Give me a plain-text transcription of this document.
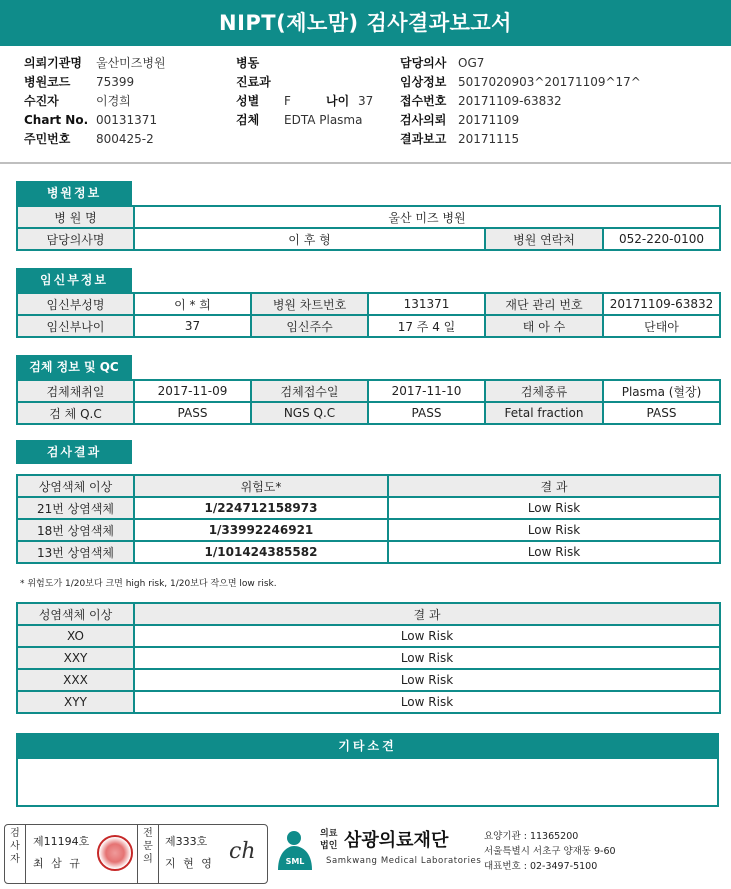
NIPT(제노맘) 검사결과보고서
의뢰기관명 울산미즈병원
병원코드 75399
수진자	이경희
Chart No. 00131371
주민번호 800425-2
병동
진료과
성별 F	나이 37
검체 EDTA Plasma
담당의사 OG7
임상정보 5017020903^20171109^17^
접수번호 20171109-63832
검사의뢰 20171109
결과보고 20171115
병원정보
병 원 명	울산 미즈 병원		
담당의사명	이 후 형	병원 연락처	052-220-0100
임신부정보
임신부성명	이 * 희	병원 차트번호	131371	재단 관리 번호	20171109-63832
임신부나이	37	임신주수	17 주 4 일	태 아 수	단태아
검체 정보 및 QC
검체채취일	2017-11-09	검체접수일	2017-11-10	검체종류	Plasma (혈장)
검 체 Q.C	PASS	NGS Q.C	PASS	Fetal fraction	PASS
검사결과
상염색체 이상	위험도*	결 과
21번 상염색체	1/224712158973	Low Risk
18번 상염색체	1/33992246921	Low Risk
13번 상염색체	1/101424385582	Low Risk
* 위험도가 1/20보다 크면 high risk, 1/20보다 작으면 low risk.
성염색체 이상	결 과
XO	Low Risk
XXY	Low Risk
XXX	Low Risk
XYY	Low Risk
기타소견
검사자
제11194호
최 삼 규
전문의
제333호
지 현 영 ch	SML
의료법인 삼광의료재단
Samkwang Medical Laboratories
요양기관 : 11365200
서울특별시 서초구 양재동 9-60
대표번호 : 02-3497-5100
